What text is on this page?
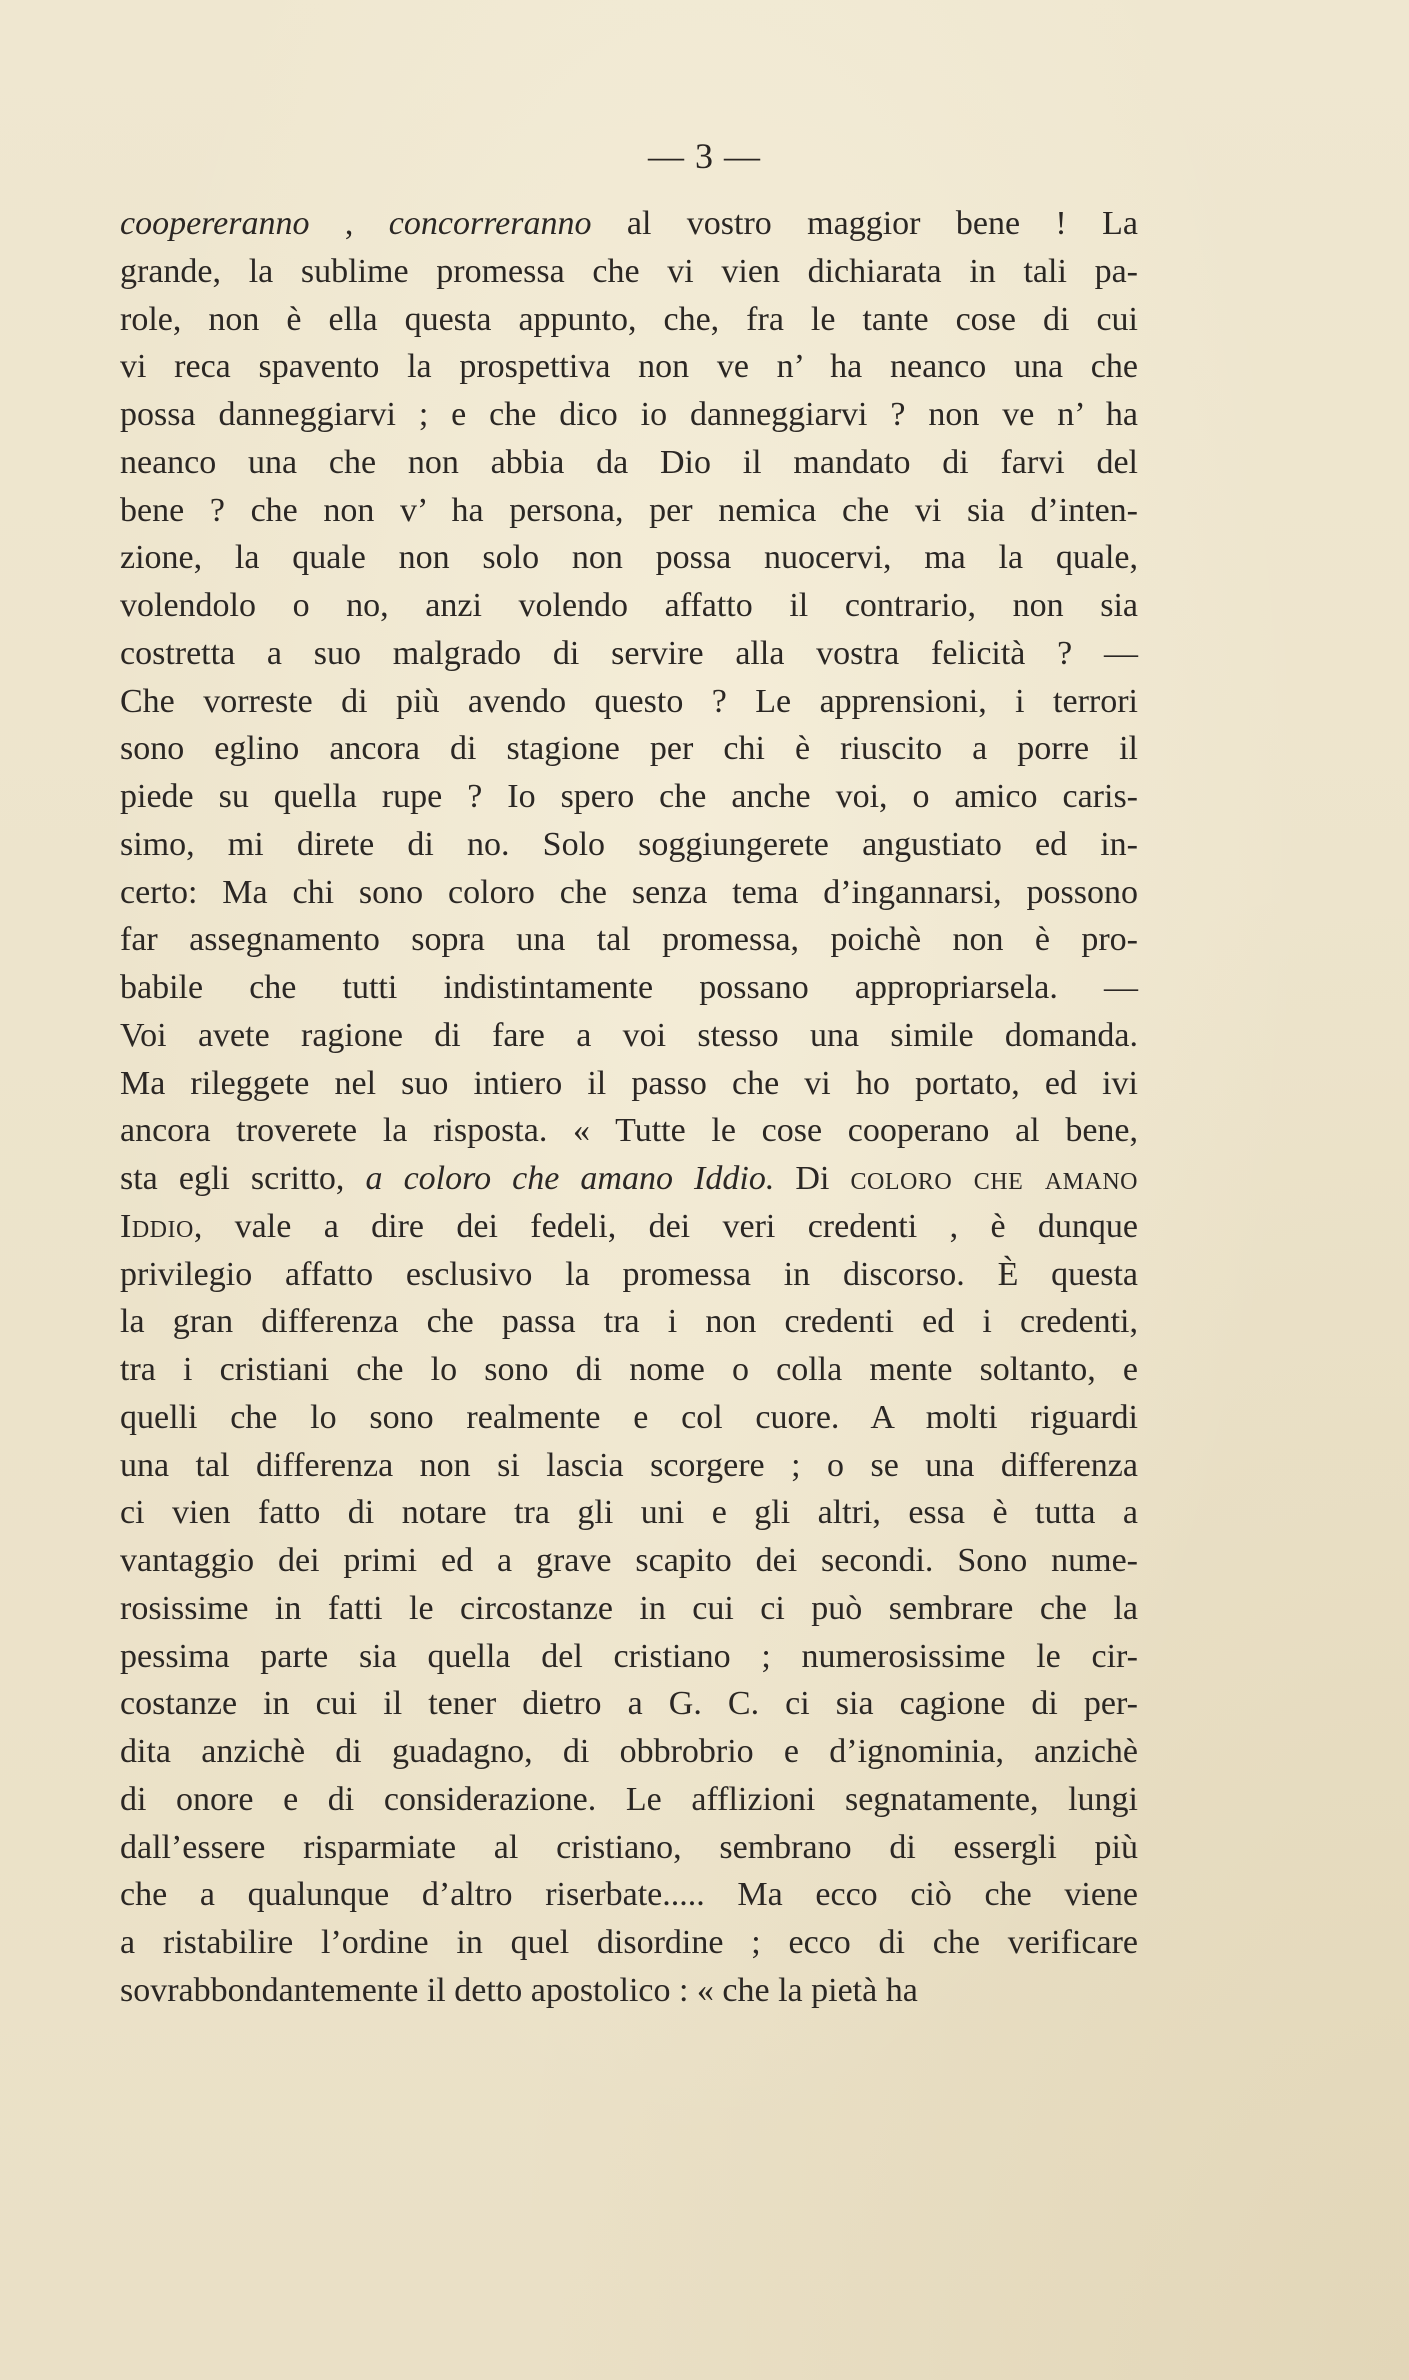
— 3 —
coopereranno , concorreranno al vostro maggior bene ! La
grande, la sublime promessa che vi vien dichiarata in tali pa-
role, non è ella questa appunto, che, fra le tante cose di cui
vi reca spavento la prospettiva non ve n’ ha neanco una che
possa danneggiarvi ; e che dico io danneggiarvi ? non ve n’ ha
neanco una che non abbia da Dio il mandato di farvi del
bene ? che non v’ ha persona, per nemica che vi sia d’inten-
zione, la quale non solo non possa nuocervi, ma la quale,
volendolo o no, anzi volendo affatto il contrario, non sia
costretta a suo malgrado di servire alla vostra felicità ? —
Che vorreste di più avendo questo ? Le apprensioni, i terrori
sono eglino ancora di stagione per chi è riuscito a porre il
piede su quella rupe ? Io spero che anche voi, o amico caris-
simo, mi direte di no. Solo soggiungerete angustiato ed in-
certo: Ma chi sono coloro che senza tema d’ingannarsi, possono
far assegnamento sopra una tal promessa, poichè non è pro-
babile che tutti indistintamente possano appropriarsela. —
Voi avete ragione di fare a voi stesso una simile domanda.
Ma rileggete nel suo intiero il passo che vi ho portato, ed ivi
ancora troverete la risposta. « Tutte le cose cooperano al bene,
sta egli scritto, a coloro che amano Iddio. Di coloro che amano
Iddio, vale a dire dei fedeli, dei veri credenti , è dunque
privilegio affatto esclusivo la promessa in discorso. È questa
la gran differenza che passa tra i non credenti ed i credenti,
tra i cristiani che lo sono di nome o colla mente soltanto, e
quelli che lo sono realmente e col cuore. A molti riguardi
una tal differenza non si lascia scorgere ; o se una differenza
ci vien fatto di notare tra gli uni e gli altri, essa è tutta a
vantaggio dei primi ed a grave scapito dei secondi. Sono nume-
rosissime in fatti le circostanze in cui ci può sembrare che la
pessima parte sia quella del cristiano ; numerosissime le cir-
costanze in cui il tener dietro a G. C. ci sia cagione di per-
dita anzichè di guadagno, di obbrobrio e d’ignominia, anzichè
di onore e di considerazione. Le afflizioni segnatamente, lungi
dall’essere risparmiate al cristiano, sembrano di essergli più
che a qualunque d’altro riserbate..... Ma ecco ciò che viene
a ristabilire l’ordine in quel disordine ; ecco di che verificare
sovrabbondantemente il detto apostolico : « che la pietà ha
